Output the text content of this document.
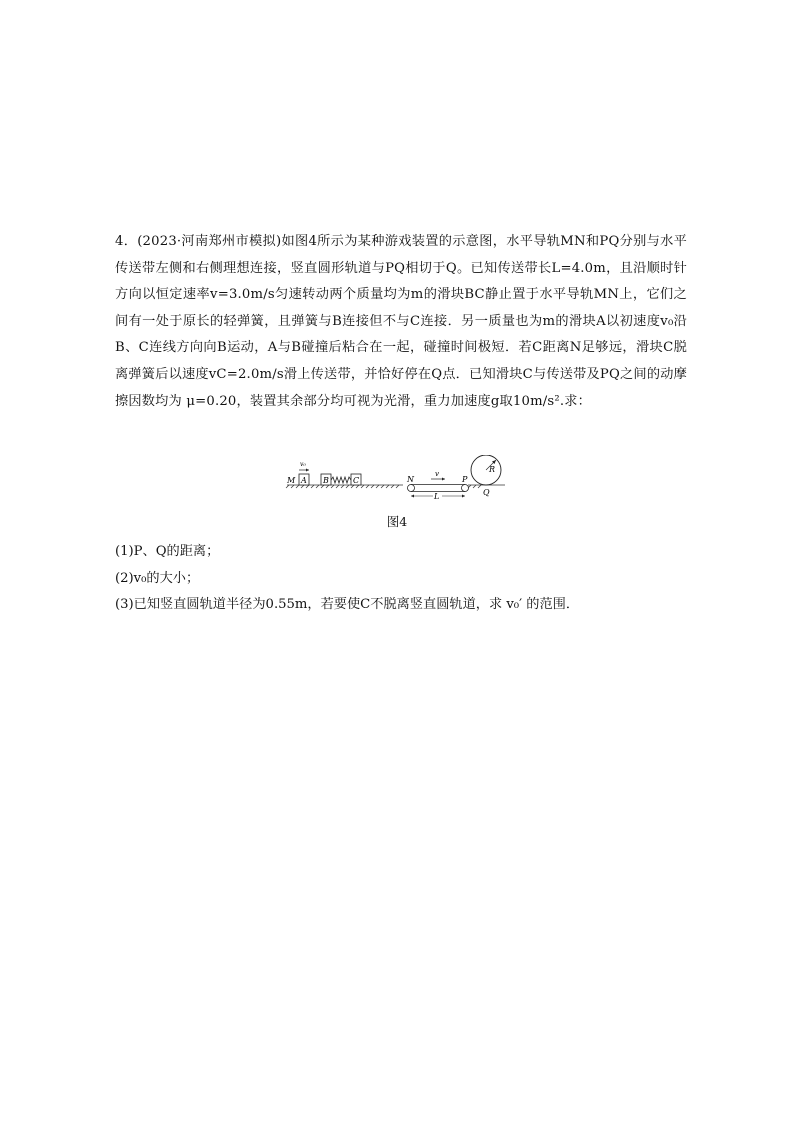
4．(2023·河南郑州市模拟)如图4所示为某种游戏装置的示意图，水平导轨MN和PQ分别与水平传送带左侧和右侧理想连接，竖直圆形轨道与PQ相切于Q。已知传送带长L=4.0m，且沿顺时针方向以恒定速率v=3.0m/s匀速转动两个质量均为m的滑块BC静止置于水平导轨MN上，它们之间有一处于原长的轻弹簧，且弹簧与B连接但不与C连接．另一质量也为m的滑块A以初速度v₀沿B、C连线方向向B运动，A与B碰撞后粘合在一起，碰撞时间极短．若C距离N足够远，滑块C脱离弹簧后以速度vC=2.0m/s滑上传送带，并恰好停在Q点．已知滑块C与传送带及PQ之间的动摩擦因数均为 μ=0.20，装置其余部分均可视为光滑，重力加速度g取10m/s².求：

A
v₀
M	B	C	N
v
L
P
R
Q
图4
(1)P、Q的距离；
(2)v₀的大小；
(3)已知竖直圆轨道半径为0.55m，若要使C不脱离竖直圆轨道，求 v₀′ 的范围．
